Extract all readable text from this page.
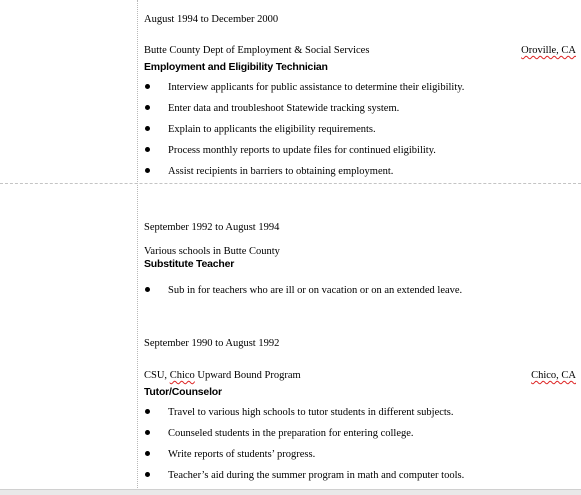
August 1994 to December 2000
Butte County Dept of Employment & Social Services	Oroville, CA
Employment and Eligibility Technician
Interview applicants for public assistance to determine their eligibility.
Enter data and troubleshoot Statewide tracking system.
Explain to applicants the eligibility requirements.
Process monthly reports to update files for continued eligibility.
Assist recipients in barriers to obtaining employment.
September 1992 to August 1994
Various schools in Butte County
Substitute Teacher
Sub in for teachers who are ill or on vacation or on an extended leave.
September 1990 to August 1992
CSU, Chico Upward Bound Program	Chico, CA
Tutor/Counselor
Travel to various high schools to tutor students in different subjects.
Counseled students in the preparation for entering college.
Write reports of students’ progress.
Teacher’s aid during the summer program in math and computer tools.
